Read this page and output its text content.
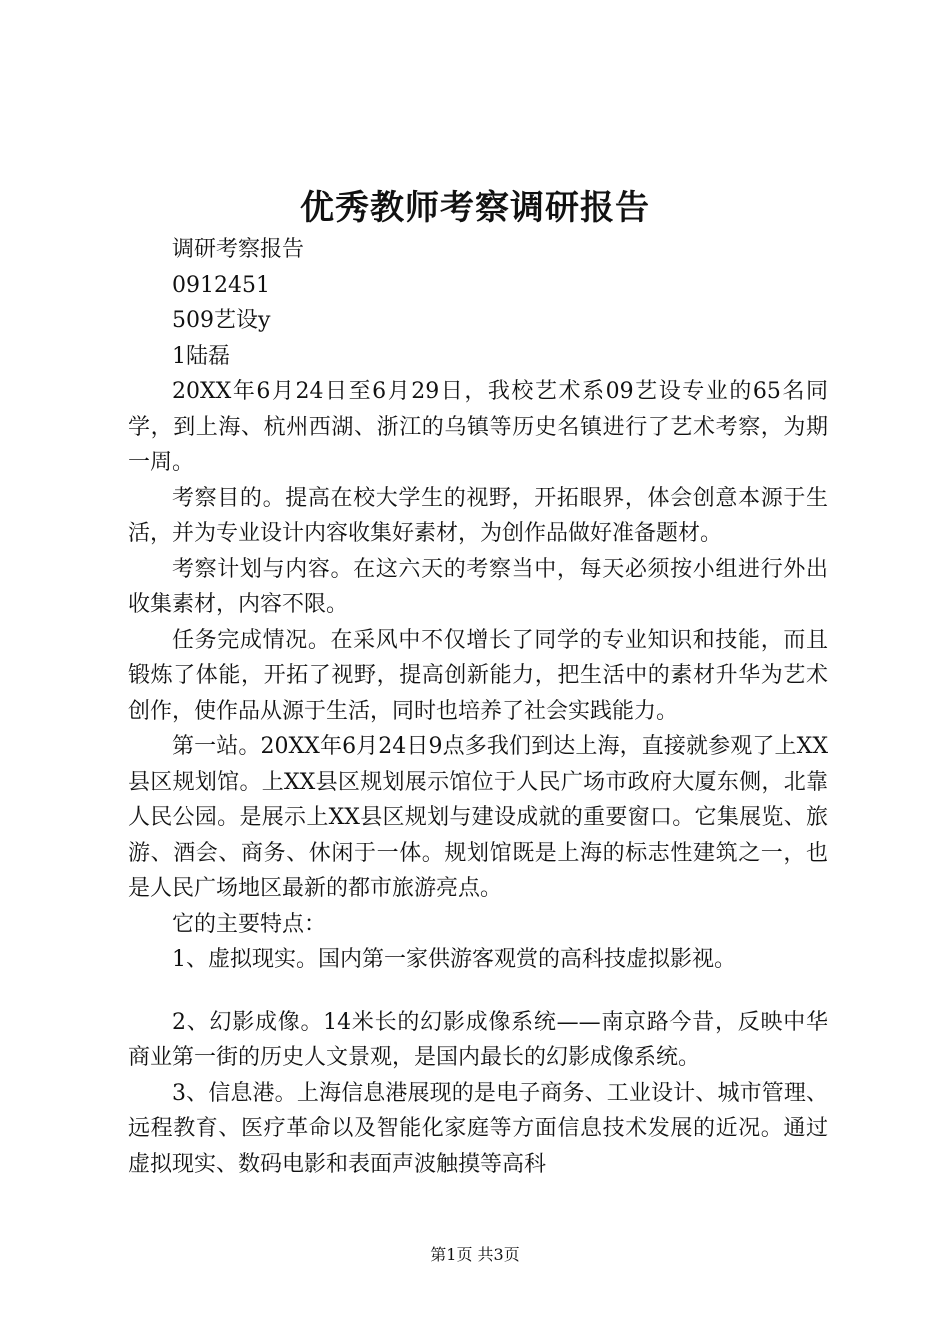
优秀教师考察调研报告

调研考察报告

0912451

509艺设y

1陆磊

20XX年6月24日至6月29日，我校艺术系09艺设专业的65名同学，到上海、杭州西湖、浙江的乌镇等历史名镇进行了艺术考察，为期一周。

考察目的。提高在校大学生的视野，开拓眼界，体会创意本源于生活，并为专业设计内容收集好素材，为创作品做好准备题材。

考察计划与内容。在这六天的考察当中，每天必须按小组进行外出收集素材，内容不限。

任务完成情况。在采风中不仅增长了同学的专业知识和技能，而且锻炼了体能，开拓了视野，提高创新能力，把生活中的素材升华为艺术创作，使作品从源于生活，同时也培养了社会实践能力。

第一站。20XX年6月24日9点多我们到达上海，直接就参观了上XX县区规划馆。上XX县区规划展示馆位于人民广场市政府大厦东侧，北靠人民公园。是展示上XX县区规划与建设成就的重要窗口。它集展览、旅游、酒会、商务、休闲于一体。规划馆既是上海的标志性建筑之一，也是人民广场地区最新的都市旅游亮点。

它的主要特点：

1、虚拟现实。国内第一家供游客观赏的高科技虚拟影视。

2、幻影成像。14米长的幻影成像系统——南京路今昔，反映中华商业第一街的历史人文景观，是国内最长的幻影成像系统。

3、信息港。上海信息港展现的是电子商务、工业设计、城市管理、远程教育、医疗革命以及智能化家庭等方面信息技术发展的近况。通过虚拟现实、数码电影和表面声波触摸等高科

第1页 共3页
